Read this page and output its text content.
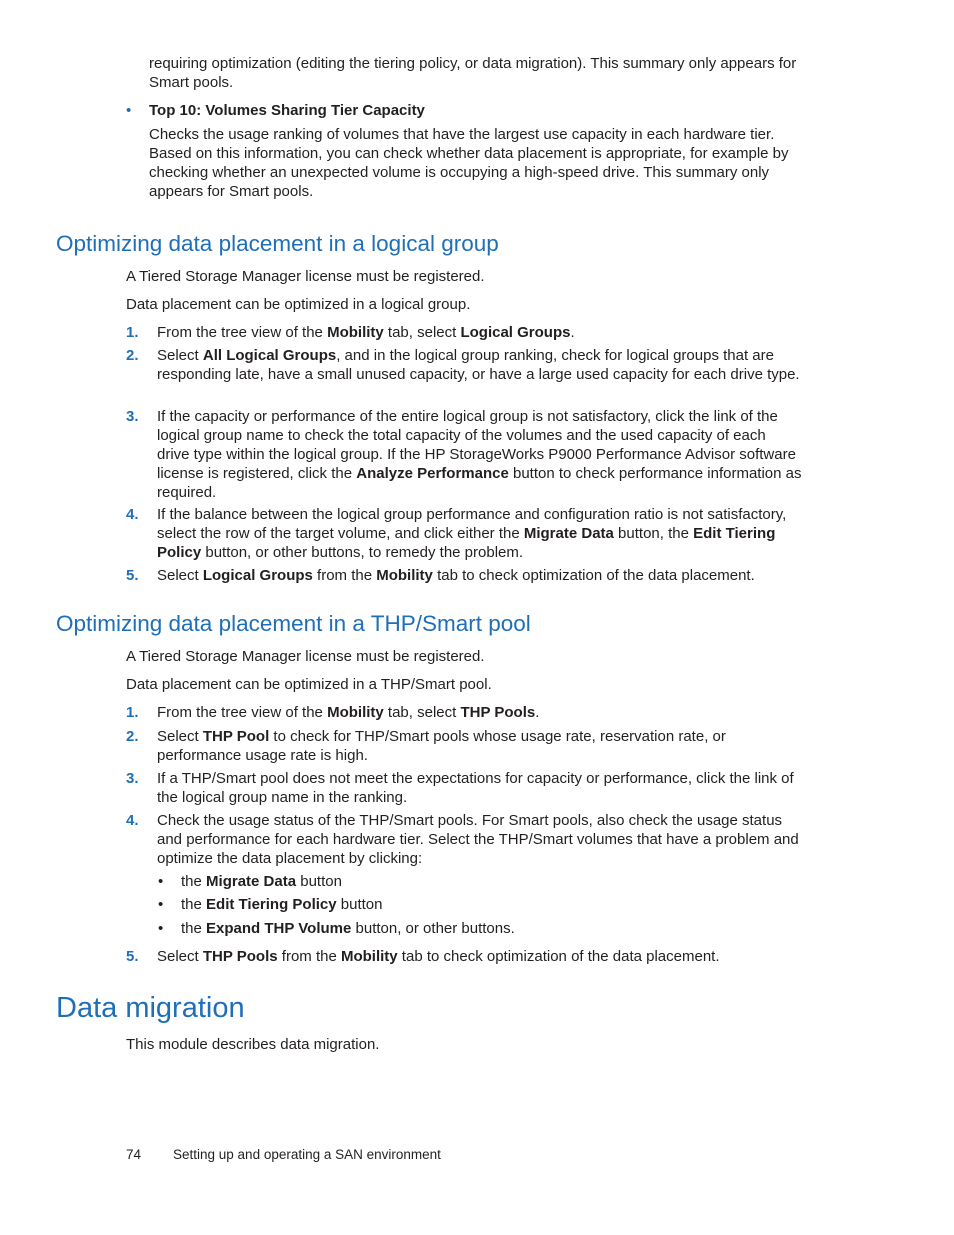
requiring optimization (editing the tiering policy, or data migration). This summary only appears for Smart pools.

• Top 10: Volumes Sharing Tier Capacity

Checks the usage ranking of volumes that have the largest use capacity in each hardware tier. Based on this information, you can check whether data placement is appropriate, for example by checking whether an unexpected volume is occupying a high-speed drive. This summary only appears for Smart pools.

Optimizing data placement in a logical group

A Tiered Storage Manager license must be registered.

Data placement can be optimized in a logical group.

1. From the tree view of the Mobility tab, select Logical Groups.
2. Select All Logical Groups, and in the logical group ranking, check for logical groups that are responding late, have a small unused capacity, or have a large used capacity for each drive type.
3. If the capacity or performance of the entire logical group is not satisfactory, click the link of the logical group name to check the total capacity of the volumes and the used capacity of each drive type within the logical group. If the HP StorageWorks P9000 Performance Advisor software license is registered, click the Analyze Performance button to check performance information as required.
4. If the balance between the logical group performance and configuration ratio is not satisfactory, select the row of the target volume, and click either the Migrate Data button, the Edit Tiering Policy button, or other buttons, to remedy the problem.
5. Select Logical Groups from the Mobility tab to check optimization of the data placement.
Optimizing data placement in a THP/Smart pool

A Tiered Storage Manager license must be registered.

Data placement can be optimized in a THP/Smart pool.

1. From the tree view of the Mobility tab, select THP Pools.
2. Select THP Pool to check for THP/Smart pools whose usage rate, reservation rate, or performance usage rate is high.
3. If a THP/Smart pool does not meet the expectations for capacity or performance, click the link of the logical group name in the ranking.
4. Check the usage status of the THP/Smart pools. For Smart pools, also check the usage status and performance for each hardware tier. Select the THP/Smart volumes that have a problem and optimize the data placement by clicking:
5. Select THP Pools from the Mobility tab to check optimization of the data placement.
• the Migrate Data button
• the Edit Tiering Policy button
• the Expand THP Volume button, or other buttons.
Data migration

This module describes data migration.

74 Setting up and operating a SAN environment
